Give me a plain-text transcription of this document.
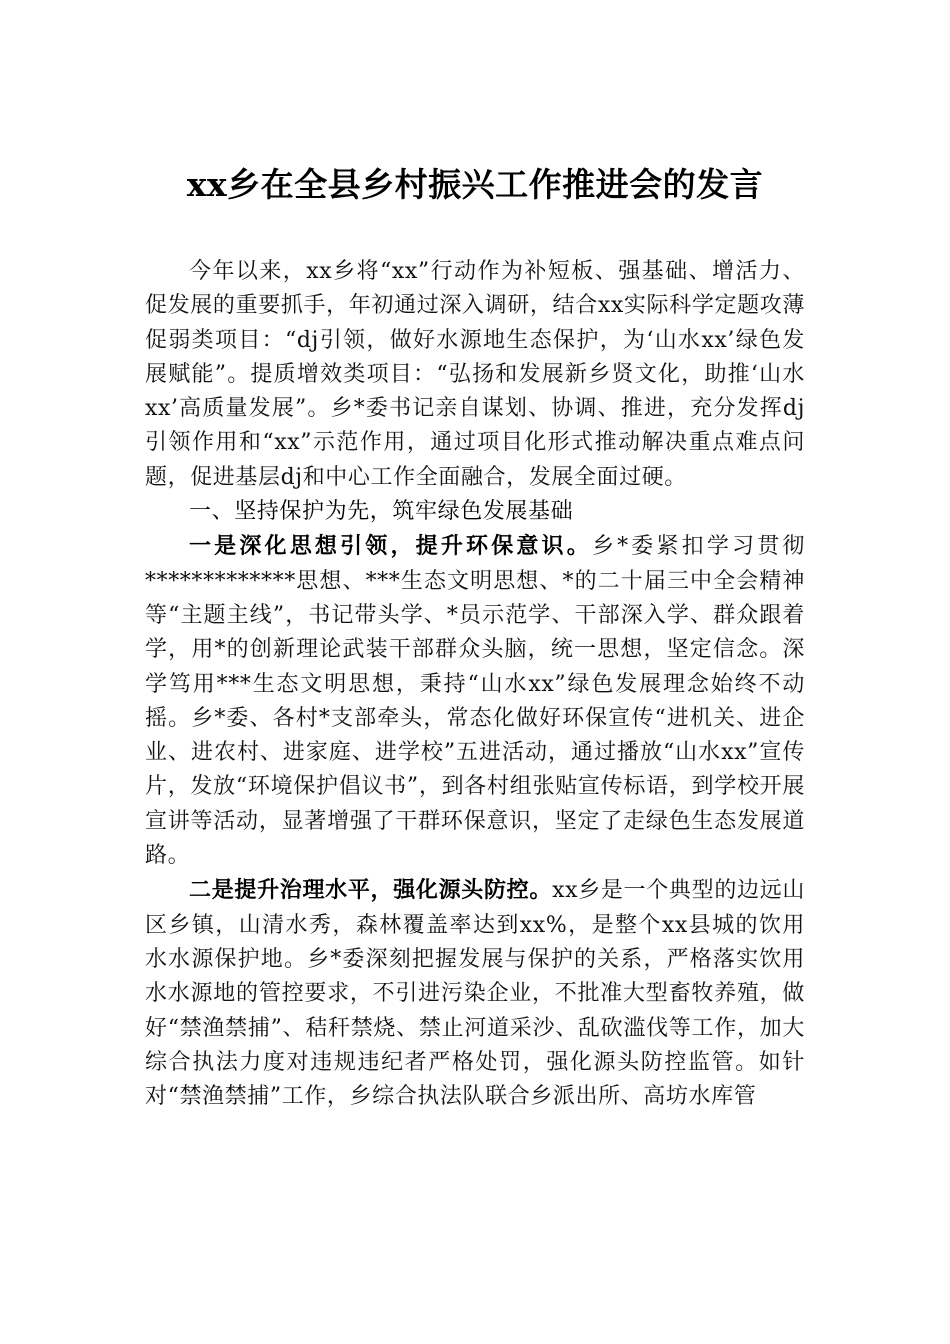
xx乡在全县乡村振兴工作推进会的发言

今年以来，xx乡将“xx”行动作为补短板、强基础、增活力、促发展的重要抓手，年初通过深入调研，结合xx实际科学定题攻薄促弱类项目：“dj引领，做好水源地生态保护，为‘山水xx’绿色发展赋能”。提质增效类项目：“弘扬和发展新乡贤文化，助推‘山水xx’高质量发展”。乡*委书记亲自谋划、协调、推进，充分发挥dj引领作用和“xx”示范作用，通过项目化形式推动解决重点难点问题，促进基层dj和中心工作全面融合，发展全面过硬。

一、坚持保护为先，筑牢绿色发展基础

一是深化思想引领，提升环保意识。乡*委紧扣学习贯彻*************思想、***生态文明思想、*的二十届三中全会精神等“主题主线”，书记带头学、*员示范学、干部深入学、群众跟着学，用*的创新理论武装干部群众头脑，统一思想，坚定信念。深学笃用***生态文明思想，秉持“山水xx”绿色发展理念始终不动摇。乡*委、各村*支部牵头，常态化做好环保宣传“进机关、进企业、进农村、进家庭、进学校”五进活动，通过播放“山水xx”宣传片，发放“环境保护倡议书”，到各村组张贴宣传标语，到学校开展宣讲等活动，显著增强了干群环保意识，坚定了走绿色生态发展道路。

二是提升治理水平，强化源头防控。xx乡是一个典型的边远山区乡镇，山清水秀，森林覆盖率达到xx%，是整个xx县城的饮用水水源保护地。乡*委深刻把握发展与保护的关系，严格落实饮用水水源地的管控要求，不引进污染企业，不批准大型畜牧养殖，做好“禁渔禁捕”、秸秆禁烧、禁止河道采沙、乱砍滥伐等工作，加大综合执法力度对违规违纪者严格处罚，强化源头防控监管。如针对“禁渔禁捕”工作，乡综合执法队联合乡派出所、高坊水库管
